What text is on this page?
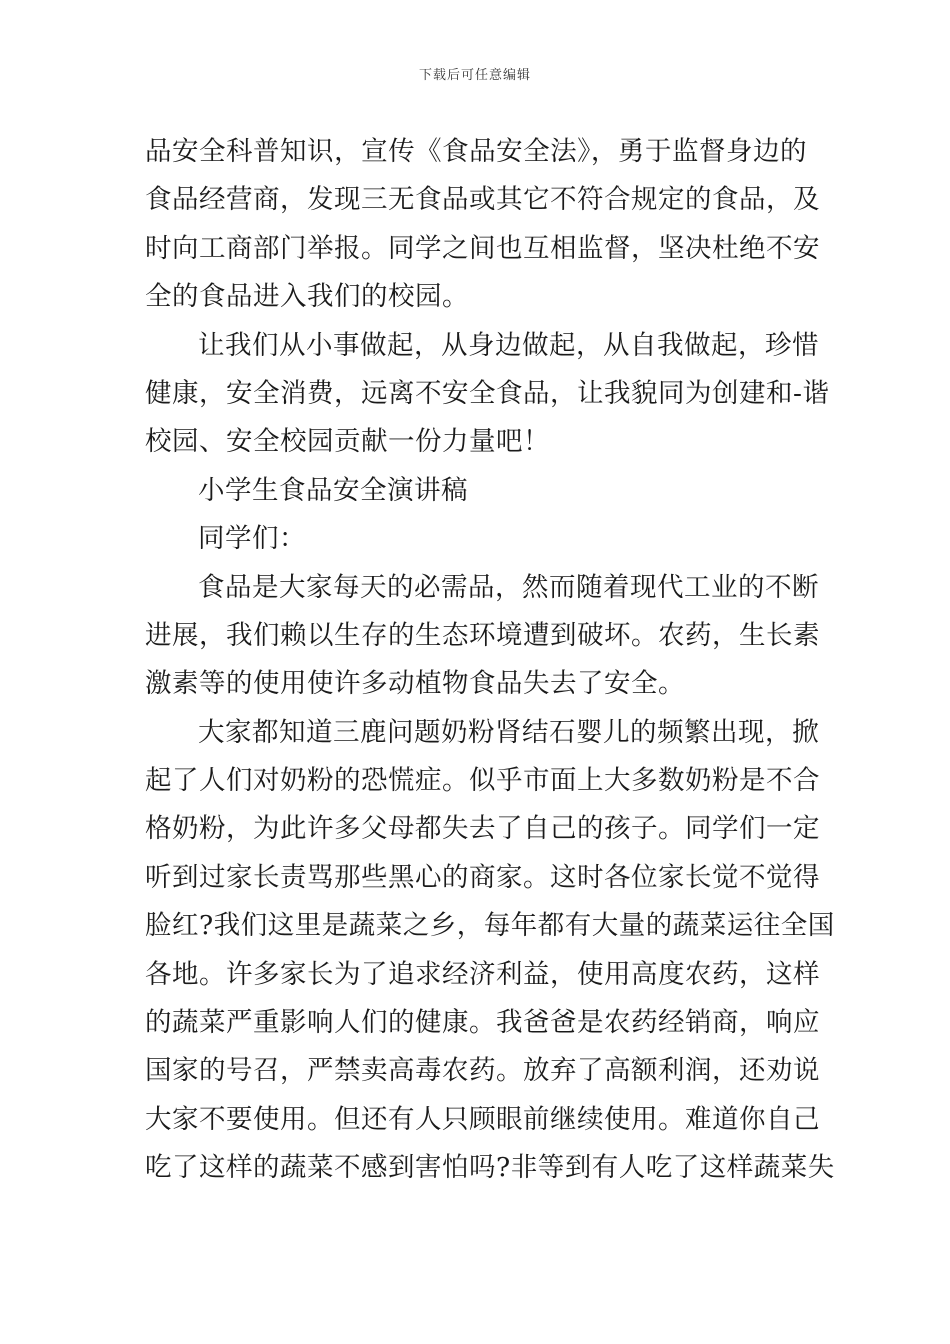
下载后可任意编辑
品安全科普知识，宣传《食品安全法》，勇于监督身边的
食品经营商，发现三无食品或其它不符合规定的食品，及
时向工商部门举报。同学之间也互相监督，坚决杜绝不安
全的食品进入我们的校园。
让我们从小事做起，从身边做起，从自我做起，珍惜
健康，安全消费，远离不安全食品，让我貌同为创建和-谐
校园、安全校园贡献一份力量吧！
小学生食品安全演讲稿
同学们：
食品是大家每天的必需品，然而随着现代工业的不断
进展，我们赖以生存的生态环境遭到破坏。农药，生长素
激素等的使用使许多动植物食品失去了安全。
大家都知道三鹿问题奶粉肾结石婴儿的频繁出现，掀
起了人们对奶粉的恐慌症。似乎市面上大多数奶粉是不合
格奶粉，为此许多父母都失去了自己的孩子。同学们一定
听到过家长责骂那些黑心的商家。这时各位家长觉不觉得
脸红?我们这里是蔬菜之乡，每年都有大量的蔬菜运往全国
各地。许多家长为了追求经济利益，使用高度农药，这样
的蔬菜严重影响人们的健康。我爸爸是农药经销商，响应
国家的号召，严禁卖高毒农药。放弃了高额利润，还劝说
大家不要使用。但还有人只顾眼前继续使用。难道你自己
吃了这样的蔬菜不感到害怕吗?非等到有人吃了这样蔬菜失
